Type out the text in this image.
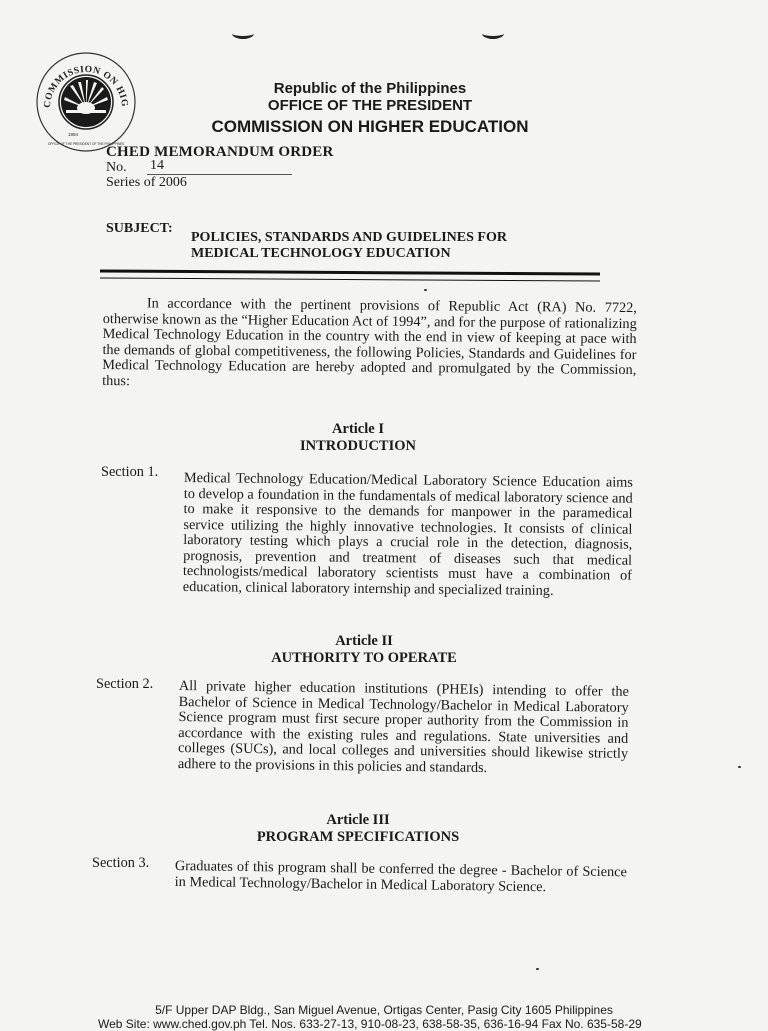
COMMISSION ON HIG
1994
OFFICE OF THE PRESIDENT OF THE PHILIPPINES
Republic of the Philippines
OFFICE OF THE PRESIDENT
COMMISSION ON HIGHER EDUCATION
CHED MEMORANDUM ORDER
No. 14
Series of 2006
SUBJECT:
POLICIES, STANDARDS AND GUIDELINES FOR
MEDICAL TECHNOLOGY EDUCATION
In accordance with the pertinent provisions of Republic Act (RA) No. 7722, otherwise known as the “Higher Education Act of 1994”, and for the purpose of rationalizing Medical Technology Education in the country with the end in view of keeping at pace with the demands of global competitiveness, the following Policies, Standards and Guidelines for Medical Technology Education are hereby adopted and promulgated by the Commission, thus:
Article I
INTRODUCTION
Section 1. Medical Technology Education/Medical Laboratory Science Education aims to develop a foundation in the fundamentals of medical laboratory science and to make it responsive to the demands for manpower in the paramedical service utilizing the highly innovative technologies. It consists of clinical laboratory testing which plays a crucial role in the detection, diagnosis, prognosis, prevention and treatment of diseases such that medical technologists/medical laboratory scientists must have a combination of education, clinical laboratory internship and specialized training.
Article II
AUTHORITY TO OPERATE
Section 2. All private higher education institutions (PHEIs) intending to offer the Bachelor of Science in Medical Technology/Bachelor in Medical Laboratory Science program must first secure proper authority from the Commission in accordance with the existing rules and regulations. State universities and colleges (SUCs), and local colleges and universities should likewise strictly adhere to the provisions in this policies and standards.
Article III
PROGRAM SPECIFICATIONS
Section 3. Graduates of this program shall be conferred the degree - Bachelor of Science in Medical Technology/Bachelor in Medical Laboratory Science.
5/F Upper DAP Bldg., San Miguel Avenue, Ortigas Center, Pasig City 1605 Philippines
Web Site: www.ched.gov.ph Tel. Nos. 633-27-13, 910-08-23, 638-58-35, 636-16-94 Fax No. 635-58-29
